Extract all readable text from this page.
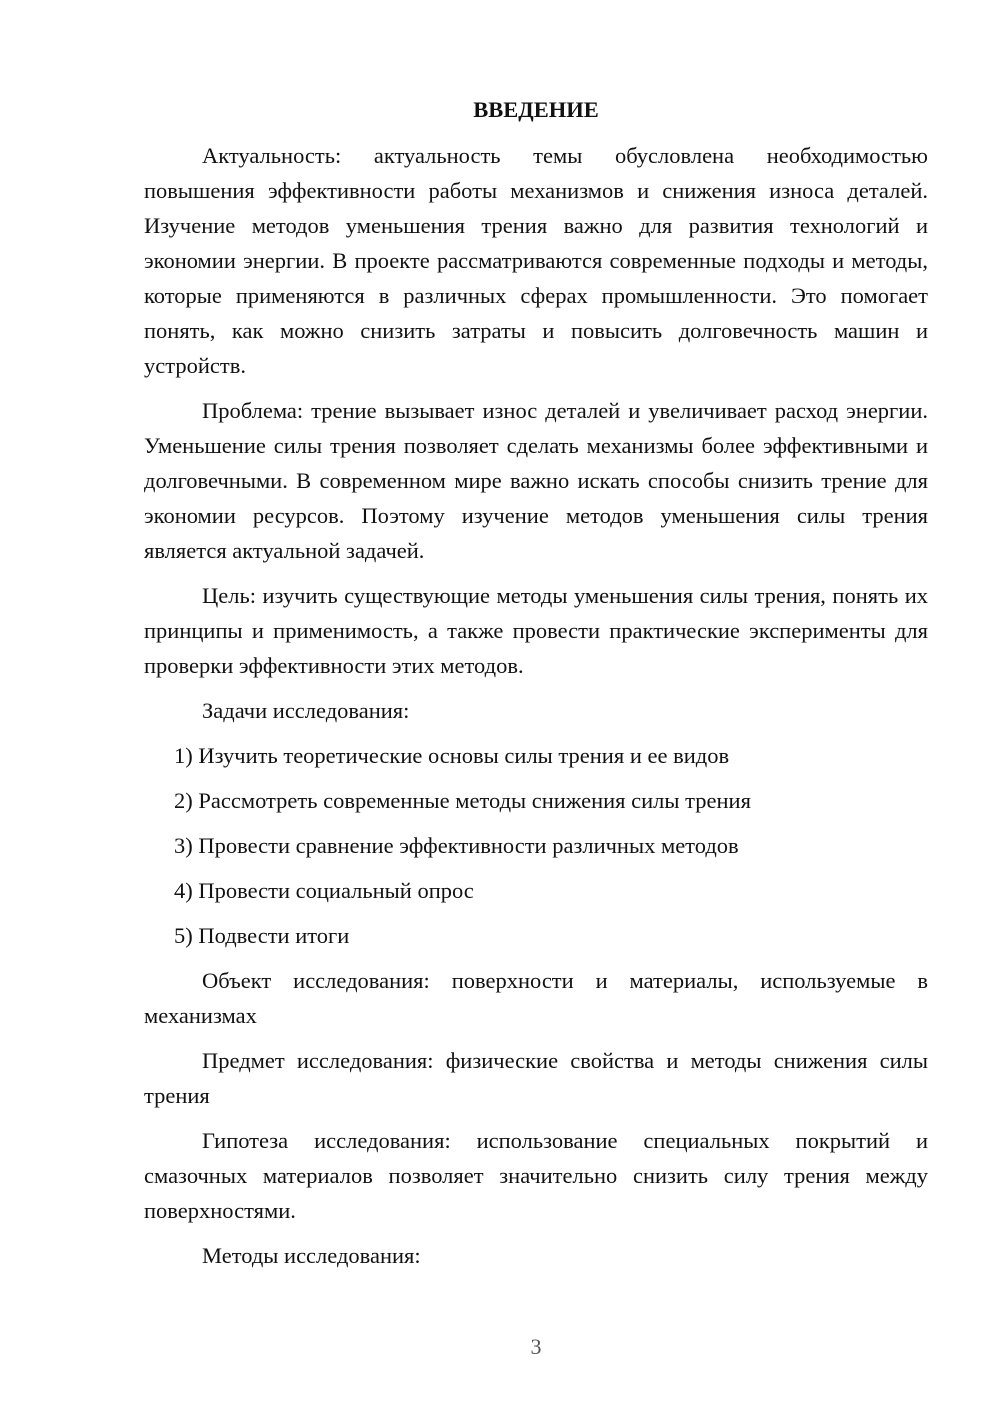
ВВЕДЕНИЕ

Актуальность: актуальность темы обусловлена необходимостью повышения эффективности работы механизмов и снижения износа деталей. Изучение методов уменьшения трения важно для развития технологий и экономии энергии. В проекте рассматриваются современные подходы и методы, которые применяются в различных сферах промышленности. Это помогает понять, как можно снизить затраты и повысить долговечность машин и устройств.

Проблема: трение вызывает износ деталей и увеличивает расход энергии. Уменьшение силы трения позволяет сделать механизмы более эффективными и долговечными. В современном мире важно искать способы снизить трение для экономии ресурсов. Поэтому изучение методов уменьшения силы трения является актуальной задачей.

Цель: изучить существующие методы уменьшения силы трения, понять их принципы и применимость, а также провести практические эксперименты для проверки эффективности этих методов.

Задачи исследования:

1) Изучить теоретические основы силы трения и ее видов
2) Рассмотреть современные методы снижения силы трения
3) Провести сравнение эффективности различных методов
4) Провести социальный опрос
5) Подвести итоги

Объект исследования: поверхности и материалы, используемые в механизмах

Предмет исследования: физические свойства и методы снижения силы трения

Гипотеза исследования: использование специальных покрытий и смазочных материалов позволяет значительно снизить силу трения между поверхностями.

Методы исследования:

3
